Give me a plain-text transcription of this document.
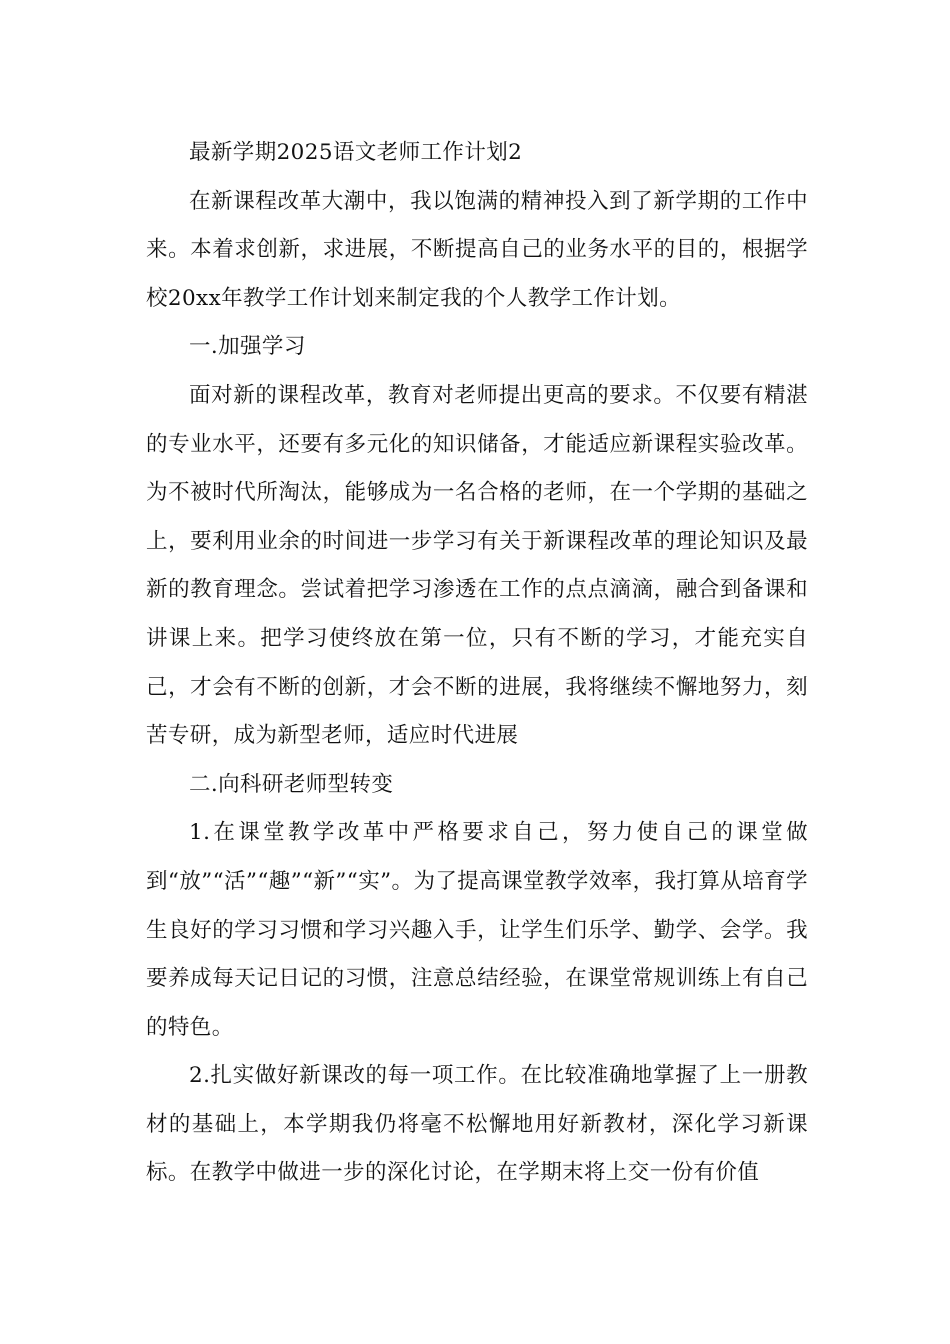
最新学期2025语文老师工作计划2

在新课程改革大潮中，我以饱满的精神投入到了新学期的工作中来。本着求创新，求进展，不断提高自己的业务水平的目的，根据学校20xx年教学工作计划来制定我的个人教学工作计划。

一.加强学习

面对新的课程改革，教育对老师提出更高的要求。不仅要有精湛的专业水平，还要有多元化的知识储备，才能适应新课程实验改革。为不被时代所淘汰，能够成为一名合格的老师，在一个学期的基础之上，要利用业余的时间进一步学习有关于新课程改革的理论知识及最新的教育理念。尝试着把学习渗透在工作的点点滴滴，融合到备课和讲课上来。把学习使终放在第一位，只有不断的学习，才能充实自己，才会有不断的创新，才会不断的进展，我将继续不懈地努力，刻苦专研，成为新型老师，适应时代进展

二.向科研老师型转变

1.在课堂教学改革中严格要求自己，努力使自己的课堂做到“放”“活”“趣”“新”“实”。为了提高课堂教学效率，我打算从培育学生良好的学习习惯和学习兴趣入手，让学生们乐学、勤学、会学。我要养成每天记日记的习惯，注意总结经验，在课堂常规训练上有自己的特色。

2.扎实做好新课改的每一项工作。在比较准确地掌握了上一册教材的基础上，本学期我仍将毫不松懈地用好新教材，深化学习新课标。在教学中做进一步的深化讨论，在学期末将上交一份有价值
